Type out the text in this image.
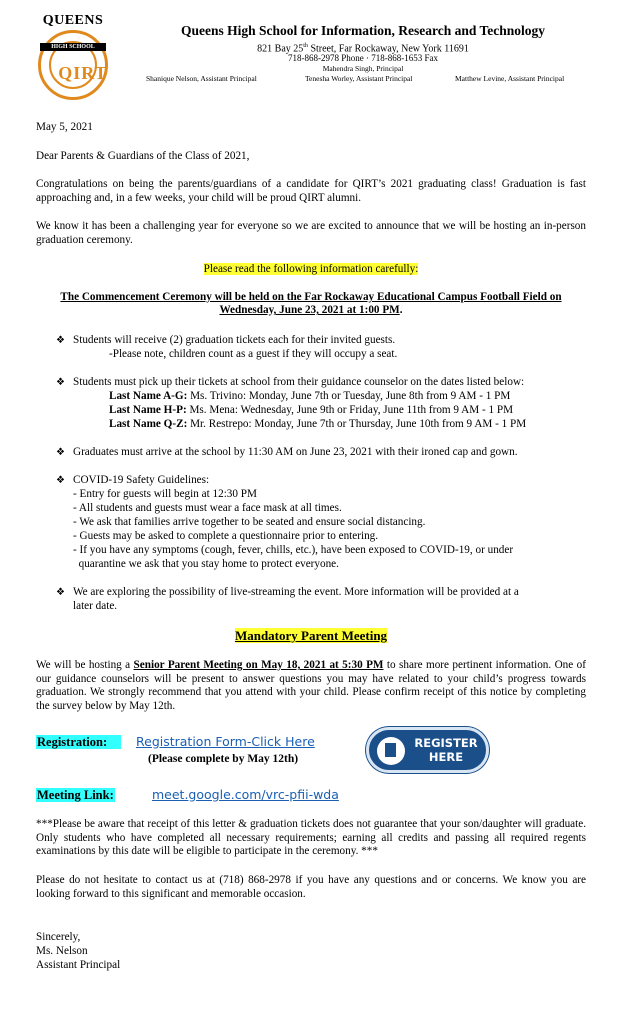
QUEENS
QIRT
HIGH SCHOOL
Queens High School for Information, Research and Technology
821 Bay 25th Street, Far Rockaway, New York 11691
718-868-2978 Phone · 718-868-1653 Fax
Mahendra Singh, Principal
Shanique Nelson, Assistant Principal	Tenesha Worley, Assistant Principal	Matthew Levine, Assistant Principal
May 5, 2021
Dear Parents & Guardians of the Class of 2021,
Congratulations on being the parents/guardians of a candidate for QIRT’s 2021 graduating class! Graduation is fast approaching and, in a few weeks, your child will be proud QIRT alumni.
We know it has been a challenging year for everyone so we are excited to announce that we will be hosting an in-person graduation ceremony.
Please read the following information carefully:
The Commencement Ceremony will be held on the Far Rockaway Educational Campus Football Field on
Wednesday, June 23, 2021 at 1:00 PM.
❖ Students will receive (2) graduation tickets each for their invited guests.
-Please note, children count as a guest if they will occupy a seat.
❖ Students must pick up their tickets at school from their guidance counselor on the dates listed below:
Last Name A-G: Ms. Trivino: Monday, June 7th or Tuesday, June 8th from 9 AM - 1 PM
Last Name H-P: Ms. Mena: Wednesday, June 9th or Friday, June 11th from 9 AM - 1 PM
Last Name Q-Z: Mr. Restrepo: Monday, June 7th or Thursday, June 10th from 9 AM - 1 PM
❖ Graduates must arrive at the school by 11:30 AM on June 23, 2021 with their ironed cap and gown.
❖ COVID-19 Safety Guidelines:
- Entry for guests will begin at 12:30 PM
- All students and guests must wear a face mask at all times.
- We ask that families arrive together to be seated and ensure social distancing.
- Guests may be asked to complete a questionnaire prior to entering.
- If you have any symptoms (cough, fever, chills, etc.), have been exposed to COVID-19, or under
quarantine we ask that you stay home to protect everyone.
❖ We are exploring the possibility of live-streaming the event. More information will be provided at a
later date.
Mandatory Parent Meeting
We will be hosting a Senior Parent Meeting on May 18, 2021 at 5:30 PM to share more pertinent information. One of our guidance counselors will be present to answer questions you may have related to your child’s progress towards graduation. We strongly recommend that you attend with your child. Please confirm receipt of this notice by completing the survey below by May 12th.
Registration:	Registration Form-Click Here
(Please complete by May 12th)
REGISTER HERE
Meeting Link:	meet.google.com/vrc-pfii-wda
***Please be aware that receipt of this letter & graduation tickets does not guarantee that your son/daughter will graduate. Only students who have completed all necessary requirements; earning all credits and passing all required regents examinations by this date will be eligible to participate in the ceremony. ***
Please do not hesitate to contact us at (718) 868-2978 if you have any questions and or concerns. We know you are looking forward to this significant and memorable occasion.
Sincerely,
Ms. Nelson
Assistant Principal
